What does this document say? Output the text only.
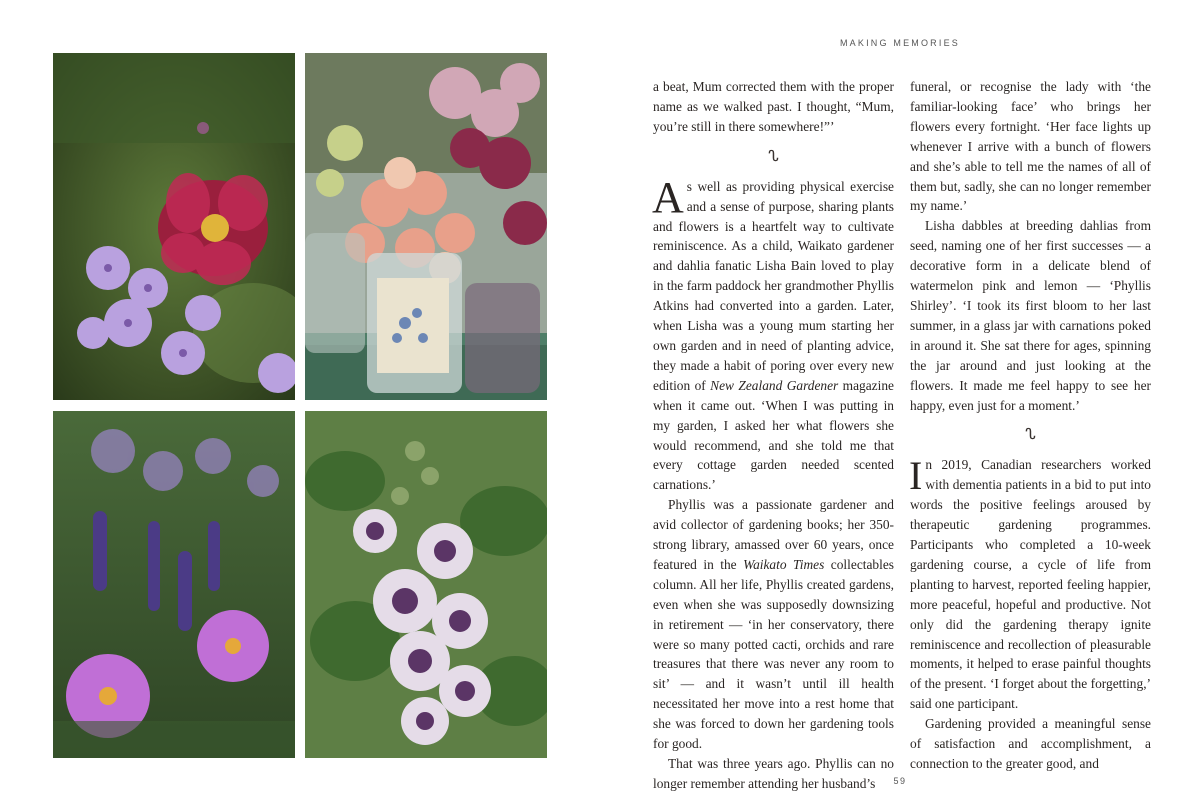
MAKING MEMORIES
59

a beat, Mum corrected them with the proper name as we walked past. I thought, “Mum, you’re still in there somewhere!”’

ᔐ

As well as providing physical exercise and a sense of purpose, sharing plants and flowers is a heartfelt way to cultivate reminiscence. As a child, Waikato gardener and dahlia fanatic Lisha Bain loved to play in the farm paddock her grandmother Phyllis Atkins had converted into a garden. Later, when Lisha was a young mum starting her own garden and in need of planting advice, they made a habit of poring over every new edition of New Zealand Gardener magazine when it came out. ‘When I was putting in my garden, I asked her what flowers she would recommend, and she told me that every cottage garden needed scented carnations.’

Phyllis was a passionate gardener and avid collector of gardening books; her 350-strong library, amassed over 60 years, once featured in the Waikato Times collectables column. All her life, Phyllis created gardens, even when she was supposedly downsizing in retirement — ‘in her conservatory, there were so many potted cacti, orchids and rare treasures that there was never any room to sit’ — and it wasn’t until ill health necessitated her move into a rest home that she was forced to down her gardening tools for good.

That was three years ago. Phyllis can no longer remember attending her husband’s

funeral, or recognise the lady with ‘the familiar-looking face’ who brings her flowers every fortnight. ‘Her face lights up whenever I arrive with a bunch of flowers and she’s able to tell me the names of all of them but, sadly, she can no longer remember my name.’

Lisha dabbles at breeding dahlias from seed, naming one of her first successes — a decorative form in a delicate blend of watermelon pink and lemon — ‘Phyllis Shirley’. ‘I took its first bloom to her last summer, in a glass jar with carnations poked in around it. She sat there for ages, spinning the jar around and just looking at the flowers. It made me feel happy to see her happy, even just for a moment.’

ᔐ

In 2019, Canadian researchers worked with dementia patients in a bid to put into words the positive feelings aroused by therapeutic gardening programmes. Participants who completed a 10-week gardening course, a cycle of life from planting to harvest, reported feeling happier, more peaceful, hopeful and productive. Not only did the gardening therapy ignite reminiscence and recollection of pleasurable moments, it helped to erase painful thoughts of the present. ‘I forget about the forgetting,’ said one participant.

Gardening provided a meaningful sense of satisfaction and accomplishment, a connection to the greater good, and
